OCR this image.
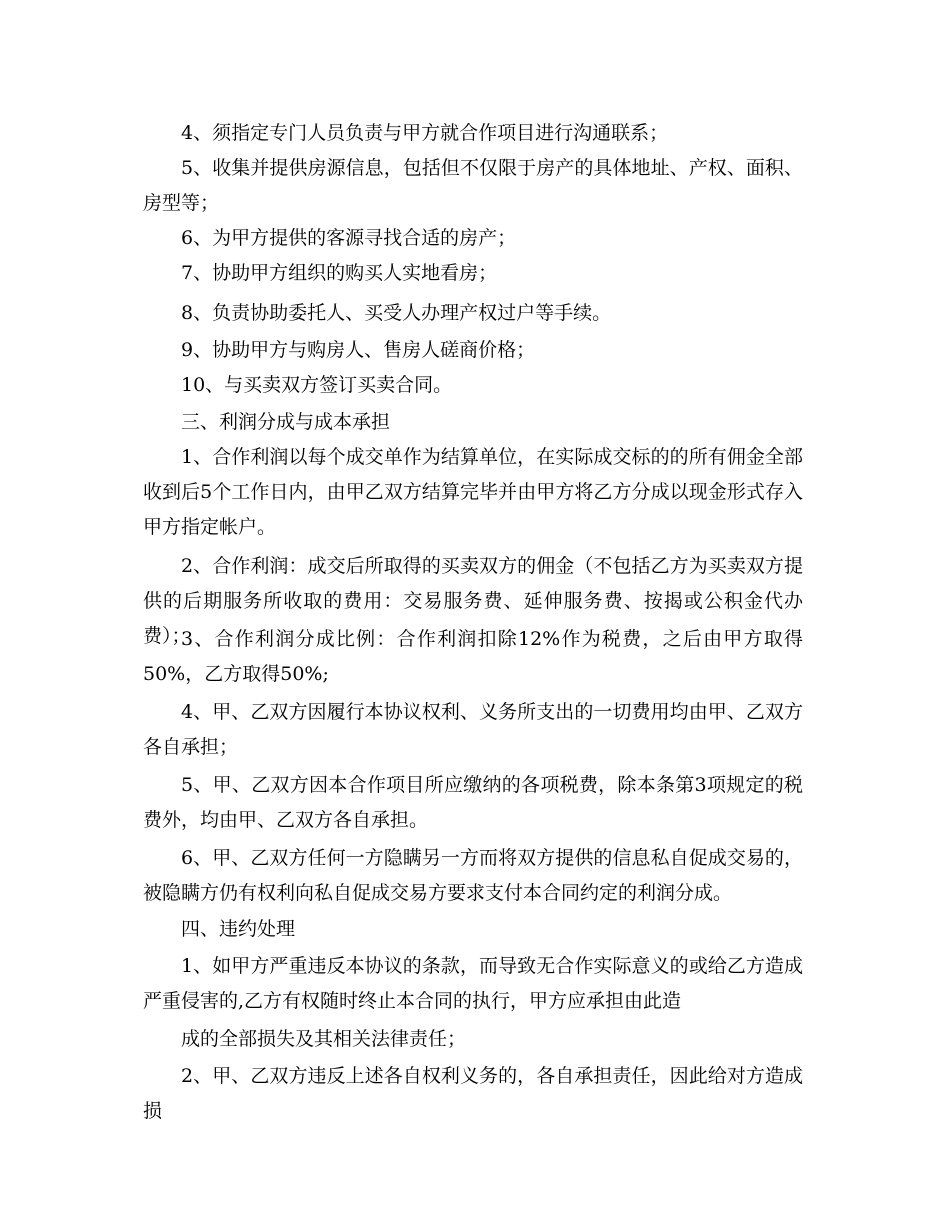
4、须指定专门人员负责与甲方就合作项目进行沟通联系；

5、收集并提供房源信息，包括但不仅限于房产的具体地址、产权、面积、房型等；

6、为甲方提供的客源寻找合适的房产；

7、协助甲方组织的购买人实地看房；

8、负责协助委托人、买受人办理产权过户等手续。

9、协助甲方与购房人、售房人磋商价格；

10、与买卖双方签订买卖合同。

三、利润分成与成本承担

1、合作利润以每个成交单作为结算单位，在实际成交标的的所有佣金全部收到后5个工作日内，由甲乙双方结算完毕并由甲方将乙方分成以现金形式存入甲方指定帐户。

2、合作利润：成交后所取得的买卖双方的佣金（不包括乙方为买卖双方提供的后期服务所收取的费用：交易服务费、延伸服务费、按揭或公积金代办费）；

3、合作利润分成比例：合作利润扣除12%作为税费，之后由甲方取得50%，乙方取得50%;

4、甲、乙双方因履行本协议权利、义务所支出的一切费用均由甲、乙双方各自承担；

5、甲、乙双方因本合作项目所应缴纳的各项税费，除本条第3项规定的税费外，均由甲、乙双方各自承担。

6、甲、乙双方任何一方隐瞒另一方而将双方提供的信息私自促成交易的，被隐瞒方仍有权利向私自促成交易方要求支付本合同约定的利润分成。

四、违约处理

1、如甲方严重违反本协议的条款，而导致无合作实际意义的或给乙方造成严重侵害的,乙方有权随时终止本合同的执行，甲方应承担由此造

成的全部损失及其相关法律责任；

2、甲、乙双方违反上述各自权利义务的，各自承担责任，因此给对方造成损
